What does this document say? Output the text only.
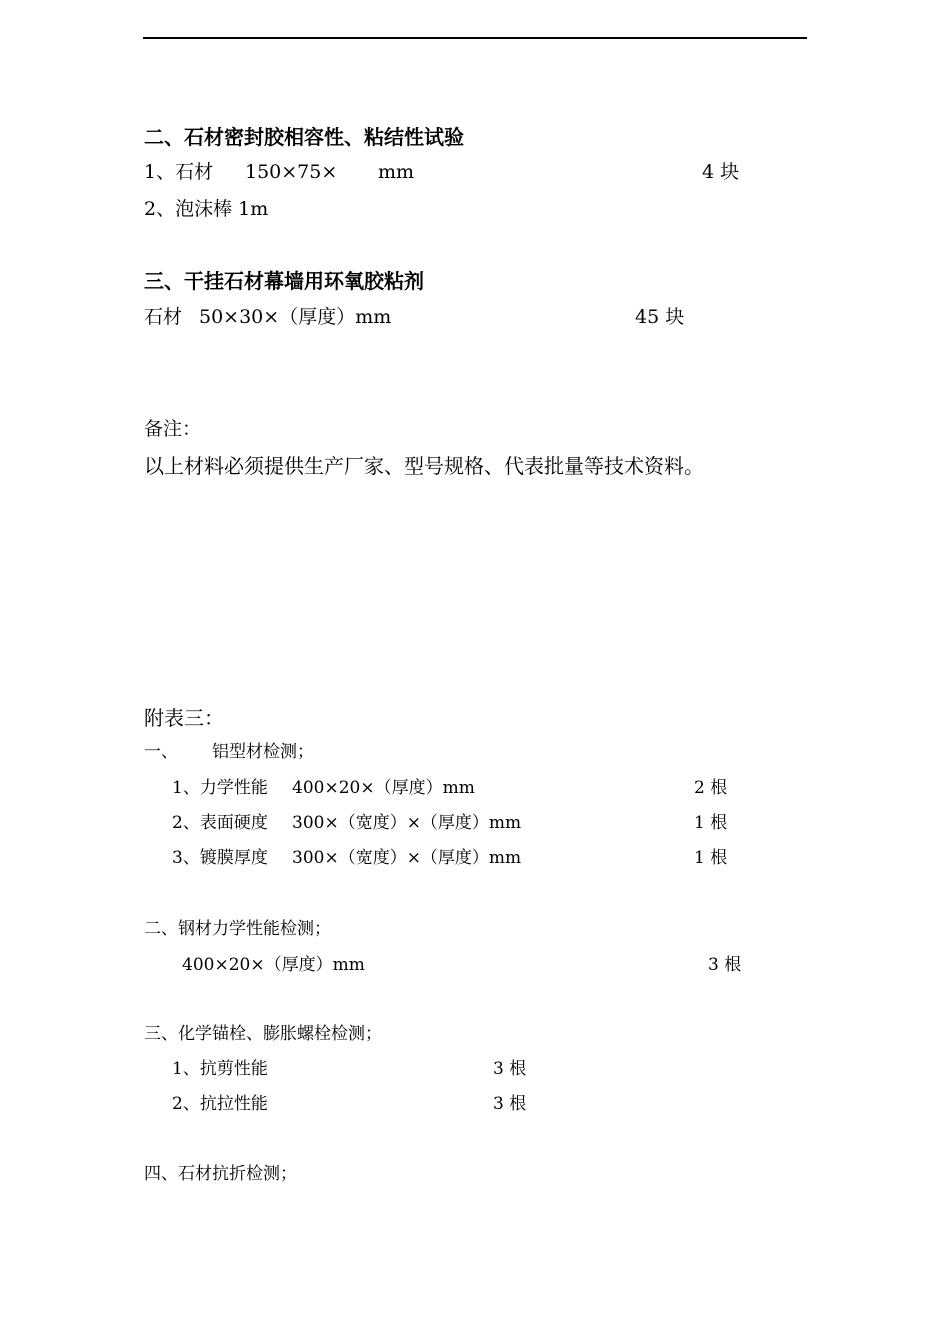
二、石材密封胶相容性、粘结性试验
1、石材 150×75× mm	4 块
2、泡沫棒 1m
三、干挂石材幕墙用环氧胶粘剂
石材 50×30×（厚度）mm	45 块
备注：
以上材料必须提供生产厂家、型号规格、代表批量等技术资料。
附表三：
一、 铝型材检测；
1、力学性能 400×20×（厚度）mm	2 根
2、表面硬度 300×（宽度）×（厚度）mm	1 根
3、镀膜厚度 300×（宽度）×（厚度）mm	1 根
二、钢材力学性能检测；
400×20×（厚度）mm	3 根
三、化学锚栓、膨胀螺栓检测；
1、抗剪性能	3 根
2、抗拉性能	3 根
四、石材抗折检测；
